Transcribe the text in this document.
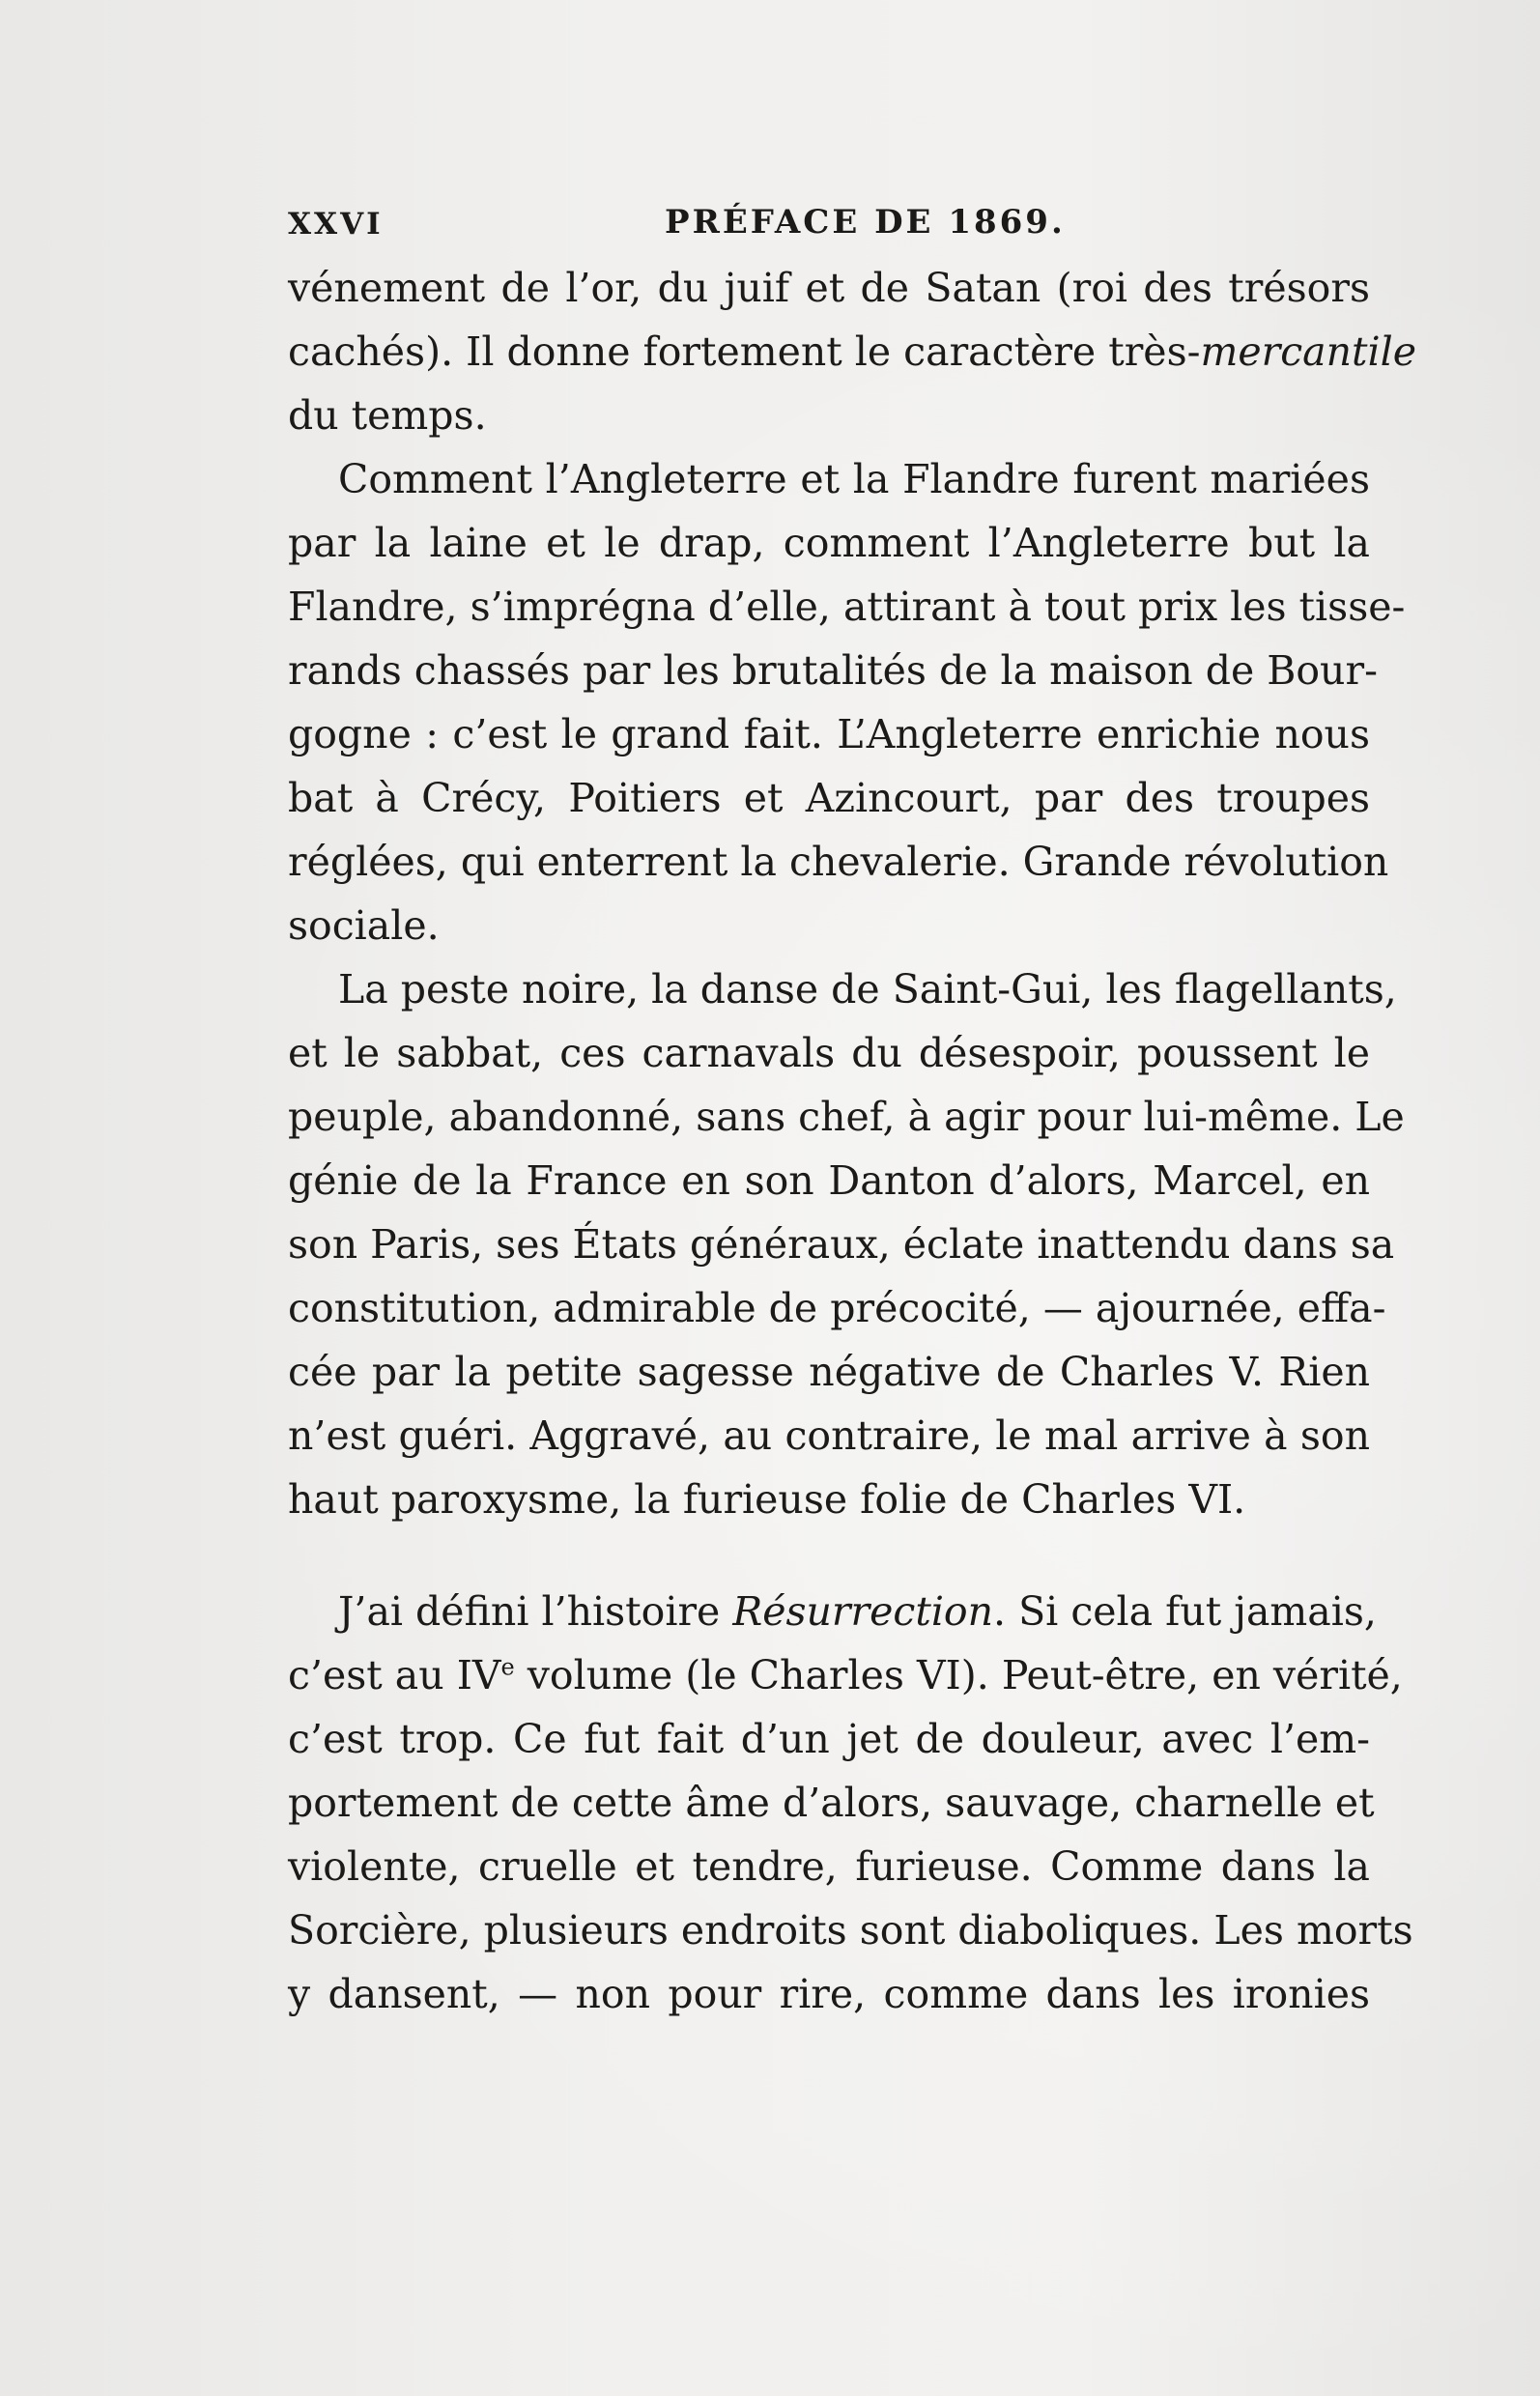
XXVI	PRÉFACE DE 1869.
vénement de l’or, du juif et de Satan (roi des trésors
cachés). Il donne fortement le caractère très-mercantile
du temps.
Comment l’Angleterre et la Flandre furent mariées
par la laine et le drap, comment l’Angleterre but la
Flandre, s’imprégna d’elle, attirant à tout prix les tisse-
rands chassés par les brutalités de la maison de Bour-
gogne : c’est le grand fait. L’Angleterre enrichie nous
bat à Crécy, Poitiers et Azincourt, par des troupes
réglées, qui enterrent la chevalerie. Grande révolution
sociale.
La peste noire, la danse de Saint-Gui, les flagellants,
et le sabbat, ces carnavals du désespoir, poussent le
peuple, abandonné, sans chef, à agir pour lui-même. Le
génie de la France en son Danton d’alors, Marcel, en
son Paris, ses États généraux, éclate inattendu dans sa
constitution, admirable de précocité, — ajournée, effa-
cée par la petite sagesse négative de Charles V. Rien
n’est guéri. Aggravé, au contraire, le mal arrive à son
haut paroxysme, la furieuse folie de Charles VI.
J’ai défini l’histoire Résurrection. Si cela fut jamais,
c’est au IVe volume (le Charles VI). Peut-être, en vérité,
c’est trop. Ce fut fait d’un jet de douleur, avec l’em-
portement de cette âme d’alors, sauvage, charnelle et
violente, cruelle et tendre, furieuse. Comme dans la
Sorcière, plusieurs endroits sont diaboliques. Les morts
y dansent, — non pour rire, comme dans les ironies
